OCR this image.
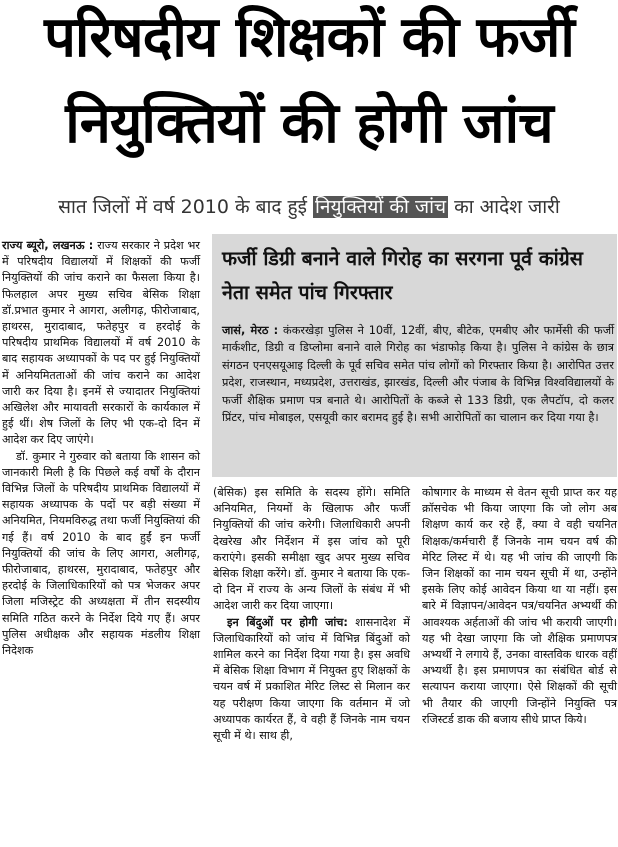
परिषदीय शिक्षकों की फर्जी
नियुक्तियों की होगी जांच
सात जिलों में वर्ष 2010 के बाद हुई नियुक्तियों की जांच का आदेश जारी

राज्य ब्यूरो, लखनऊ : राज्य सरकार ने प्रदेश भर में परिषदीय विद्यालयों में शिक्षकों की फर्जी नियुक्तियों की जांच कराने का फैसला किया है। फिलहाल अपर मुख्य सचिव बेसिक शिक्षा डॉ.प्रभात कुमार ने आगरा, अलीगढ़, फीरोजाबाद, हाथरस, मुरादाबाद, फतेहपुर व हरदोई के परिषदीय प्राथमिक विद्यालयों में वर्ष 2010 के बाद सहायक अध्यापकों के पद पर हुई नियुक्तियों में अनियमितताओं की जांच कराने का आदेश जारी कर दिया है। इनमें से ज्यादातर नियुक्तियां अखिलेश और मायावती सरकारों के कार्यकाल में हुई थीं। शेष जिलों के लिए भी एक-दो दिन में आदेश कर दिए जाएंगे।

डॉ. कुमार ने गुरुवार को बताया कि शासन को जानकारी मिली है कि पिछले कई वर्षों के दौरान विभिन्न जिलों के परिषदीय प्राथमिक विद्यालयों में सहायक अध्यापक के पदों पर बड़ी संख्या में अनियमित, नियमविरुद्ध तथा फर्जी नियुक्तियां की गई हैं। वर्ष 2010 के बाद हुईं इन फर्जी नियुक्तियों की जांच के लिए आगरा, अलीगढ़, फीरोजाबाद, हाथरस, मुरादाबाद, फतेहपुर और हरदोई के जिलाधिकारियों को पत्र भेजकर अपर जिला मजिस्ट्रेट की अध्यक्षता में तीन सदस्यीय समिति गठित करने के निर्देश दिये गए हैं। अपर पुलिस अधीक्षक और सहायक मंडलीय शिक्षा निदेशक

फर्जी डिग्री बनाने वाले गिरोह का सरगना पूर्व कांग्रेस नेता समेत पांच गिरफ्तार
जासं, मेरठ : कंकरखेड़ा पुलिस ने 10वीं, 12वीं, बीए, बीटेक, एमबीए और फार्मेसी की फर्जी मार्कशीट, डिग्री व डिप्लोमा बनाने वाले गिरोह का भंडाफोड़ किया है। पुलिस ने कांग्रेस के छात्र संगठन एनएसयूआइ दिल्ली के पूर्व सचिव समेत पांच लोगों को गिरफ्तार किया है। आरोपित उत्तर प्रदेश, राजस्थान, मध्यप्रदेश, उत्तराखंड, झारखंड, दिल्ली और पंजाब के विभिन्न विश्वविद्यालयों के फर्जी शैक्षिक प्रमाण पत्र बनाते थे। आरोपितों के कब्जे से 133 डिग्री, एक लैपटॉप, दो कलर प्रिंटर, पांच मोबाइल, एसयूवी कार बरामद हुई है। सभी आरोपितों का चालान कर दिया गया है।

(बेसिक) इस समिति के सदस्य होंगे। समिति अनियमित, नियमों के खिलाफ और फर्जी नियुक्तियों की जांच करेगी। जिलाधिकारी अपनी देखरेख और निर्देशन में इस जांच को पूरी कराएंगे। इसकी समीक्षा खुद अपर मुख्य सचिव बेसिक शिक्षा करेंगे। डॉ. कुमार ने बताया कि एक-दो दिन में राज्य के अन्य जिलों के संबंध में भी आदेश जारी कर दिया जाएगा।

इन बिंदुओं पर होगी जांच: शासनादेश में जिलाधिकारियों को जांच में विभिन्न बिंदुओं को शामिल करने का निर्देश दिया गया है। इस अवधि में बेसिक शिक्षा विभाग में नियुक्त हुए शिक्षकों के चयन वर्ष में प्रकाशित मेरिट लिस्ट से मिलान कर यह परीक्षण किया जाएगा कि वर्तमान में जो अध्यापक कार्यरत हैं, वे वही हैं जिनके नाम चयन सूची में थे। साथ ही,

कोषागार के माध्यम से वेतन सूची प्राप्त कर यह क्रॉसचेक भी किया जाएगा कि जो लोग अब शिक्षण कार्य कर रहे हैं, क्या वे वही चयनित शिक्षक/कर्मचारी हैं जिनके नाम चयन वर्ष की मेरिट लिस्ट में थे। यह भी जांच की जाएगी कि जिन शिक्षकों का नाम चयन सूची में था, उन्होंने इसके लिए कोई आवेदन किया था या नहीं। इस बारे में विज्ञापन/आवेदन पत्र/चयनित अभ्यर्थी की आवश्यक अर्हताओं की जांच भी करायी जाएगी। यह भी देखा जाएगा कि जो शैक्षिक प्रमाणपत्र अभ्यर्थी ने लगाये हैं, उनका वास्तविक धारक वहीं अभ्यर्थी है। इस प्रमाणपत्र का संबंधित बोर्ड से सत्यापन कराया जाएगा। ऐसे शिक्षकों की सूची भी तैयार की जाएगी जिन्होंने नियुक्ति पत्र रजिस्टर्ड डाक की बजाय सीधे प्राप्त किये।
